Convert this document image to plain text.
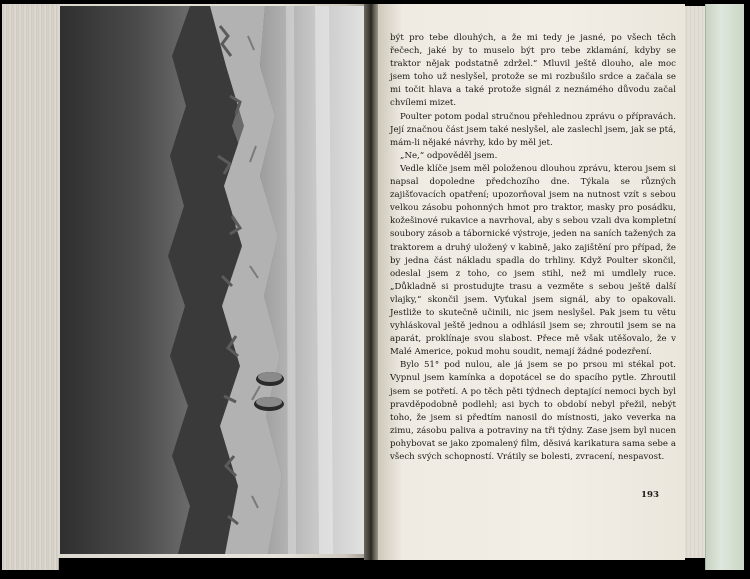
být pro tebe dlouhých, a že mi tedy je jasné, po všech těch řečech, jaké by to muselo být pro tebe zklamání, kdyby se traktor nějak podstatně zdržel.“ Mluvil ještě dlouho, ale moc jsem toho už neslyšel, protože se mi rozbušilo srdce a začala se mi točit hlava a také protože signál z neznámého důvodu začal chvílemi mizet.

Poulter potom podal stručnou přehlednou zprávu o přípravách. Její značnou část jsem také neslyšel, ale zaslechl jsem, jak se ptá, mám-li nějaké návrhy, kdo by měl jet.

„Ne,“ odpověděl jsem.

Vedle klíče jsem měl položenou dlouhou zprávu, kterou jsem si napsal dopoledne předchozího dne. Týkala se různých zajišťovacích opatření; upozorňoval jsem na nutnost vzít s sebou velkou zásobu pohonných hmot pro traktor, masky pro posádku, kožešinové rukavice a navrhoval, aby s sebou vzali dva kompletní soubory zásob a tábornické výstroje, jeden na saních tažených za traktorem a druhý uložený v kabině, jako zajištění pro případ, že by jedna část nákladu spadla do trhliny. Když Poulter skončil, odeslal jsem z toho, co jsem stihl, než mi umdlely ruce. „Důkladně si prostudujte trasu a vezměte s sebou ještě další vlajky,“ skončil jsem. Vyťukal jsem signál, aby to opakovali. Jestliže to skutečně učinili, nic jsem neslyšel. Pak jsem tu větu vyhláskoval ještě jednou a odhlásil jsem se; zhroutil jsem se na aparát, proklínaje svou slabost. Přece mě však utěšovalo, že v Malé Americe, pokud mohu soudit, nemají žádné podezření.

Bylo 51° pod nulou, ale já jsem se po prsou mi stékal pot. Vypnul jsem kamínka a dopotácel se do spacího pytle. Zhroutil jsem se potřetí. A po těch pěti týdnech deptající nemoci bych byl pravděpodobně podlehl; asi bych to období nebyl přežil, nebýt toho, že jsem si předtím nanosil do místnosti, jako veverka na zimu, zásobu paliva a potraviny na tři týdny. Zase jsem byl nucen pohybovat se jako zpomalený film, děsivá karikatura sama sebe a všech svých schopností. Vrátily se bolesti, zvracení, nespavost.

193
